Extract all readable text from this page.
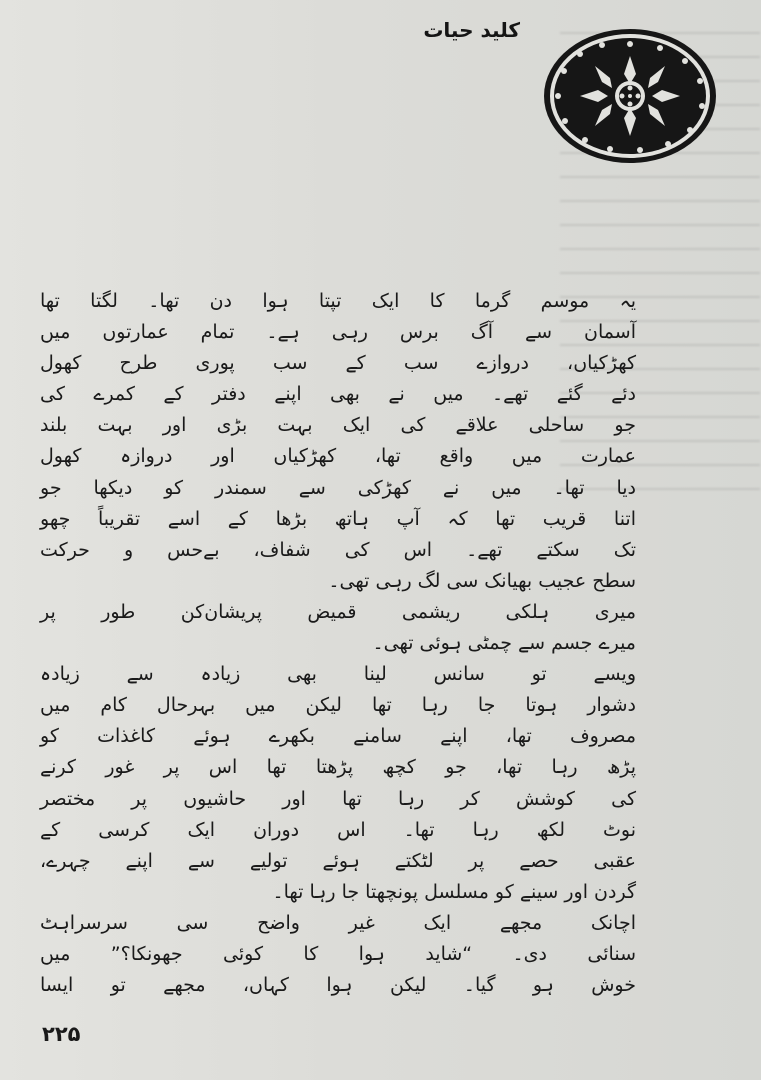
کلید حیات
یہ موسم گرما کا ایک تپتا ہوا دن تھا۔ لگتا تھا
آسمان سے آگ برس رہی ہے۔ تمام عمارتوں میں
کھڑکیاں، دروازے سب کے سب پوری طرح کھول
دئے گئے تھے۔ میں نے بھی اپنے دفتر کے کمرے کی
جو ساحلی علاقے کی ایک بہت بڑی اور بہت بلند
عمارت میں واقع تھا، کھڑکیاں اور دروازہ کھول
دیا تھا۔ میں نے کھڑکی سے سمندر کو دیکھا جو
اتنا قریب تھا کہ آپ ہاتھ بڑھا کے اسے تقریباً چھو
تک سکتے تھے۔ اس کی شفاف، بےحس و حرکت
سطح عجیب بھیانک سی لگ رہی تھی۔
میری ہلکی ریشمی قمیض پریشان‌کن طور پر
میرے جسم سے چمٹی ہوئی تھی۔
ویسے تو سانس لینا بھی زیادہ سے زیادہ
دشوار ہوتا جا رہا تھا لیکن میں بہرحال کام میں
مصروف تھا، اپنے سامنے بکھرے ہوئے کاغذات کو
پڑھ رہا تھا، جو کچھ پڑھتا تھا اس پر غور کرنے
کی کوشش کر رہا تھا اور حاشیوں پر مختصر
نوٹ لکھ رہا تھا۔ اس دوران ایک کرسی کے
عقبی حصے پر لٹکتے ہوئے تولیے سے اپنے چہرے،
گردن اور سینے کو مسلسل پونچھتا جا رہا تھا۔
اچانک مجھے ایک غیر واضح سی سرسراہٹ
سنائی دی۔ “شاید ہوا کا کوئی جھونکا؟” میں
خوش ہو گیا۔ لیکن ہوا کہاں، مجھے تو ایسا
۲۲۵
